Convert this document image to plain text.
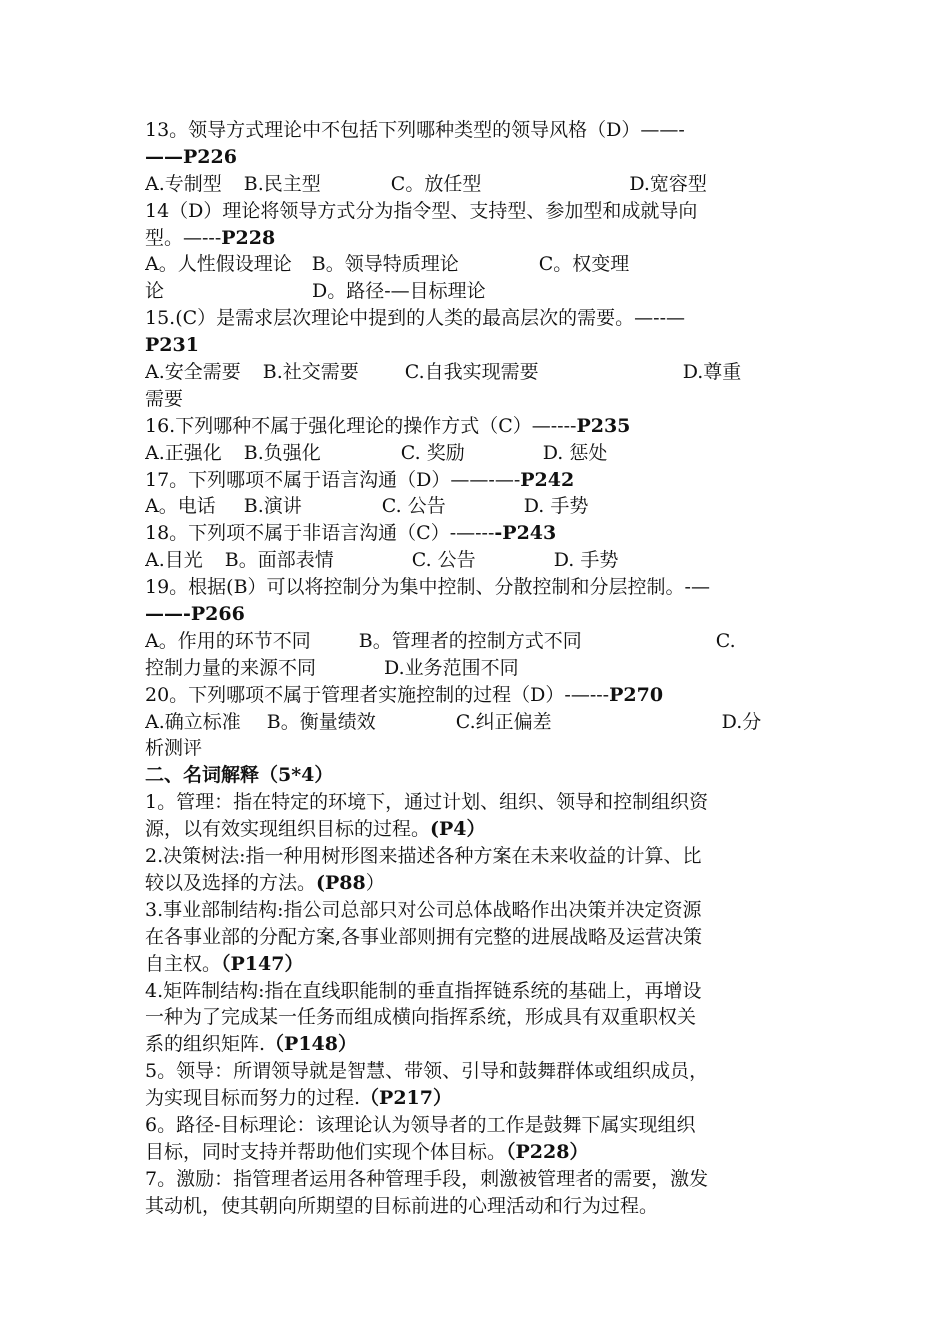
13。领导方式理论中不包括下列哪种类型的领导风格（D）——-
——P226
A.专制型 B.民主型	C。放任型	D.宽容型
14（D）理论将领导方式分为指令型、支持型、参加型和成就导向
型。—---P228
A。人性假设理论 B。领导特质理论	C。权变理
论	D。路径-—目标理论
15.(C）是需求层次理论中提到的人类的最高层次的需要。—--—
P231
A.安全需要 B.社交需要 C.自我实现需要	D.尊重
需要
16.下列哪种不属于强化理论的操作方式（C）—----P235
A.正强化 B.负强化	C. 奖励	D. 惩处
17。下列哪项不属于语言沟通（D）——-—-P242
A。电话 B.演讲	C. 公告	D. 手势
18。下列项不属于非语言沟通（C）-—----P243
A.目光 B。面部表情	C. 公告	D. 手势
19。根据(B）可以将控制分为集中控制、分散控制和分层控制。-—
——-P266
A。作用的环节不同	B。管理者的控制方式不同	C.
控制力量的来源不同	D.业务范围不同
20。下列哪项不属于管理者实施控制的过程（D）-—---P270
A.确立标准 B。衡量绩效	C.纠正偏差	D.分
析测评
二、名词解释（5*4）
1。管理：指在特定的环境下，通过计划、组织、领导和控制组织资
源，以有效实现组织目标的过程。(P4）
2.决策树法:指一种用树形图来描述各种方案在未来收益的计算、比
较以及选择的方法。(P88）
3.事业部制结构:指公司总部只对公司总体战略作出决策并决定资源
在各事业部的分配方案,各事业部则拥有完整的进展战略及运营决策
自主权。（P147）
4.矩阵制结构:指在直线职能制的垂直指挥链系统的基础上，再增设
一种为了完成某一任务而组成横向指挥系统，形成具有双重职权关
系的组织矩阵.（P148）
5。领导：所谓领导就是智慧、带领、引导和鼓舞群体或组织成员，
为实现目标而努力的过程.（P217）
6。路径-目标理论：该理论认为领导者的工作是鼓舞下属实现组织
目标，同时支持并帮助他们实现个体目标。（P228）
7。激励：指管理者运用各种管理手段，刺激被管理者的需要，激发
其动机，使其朝向所期望的目标前进的心理活动和行为过程。
